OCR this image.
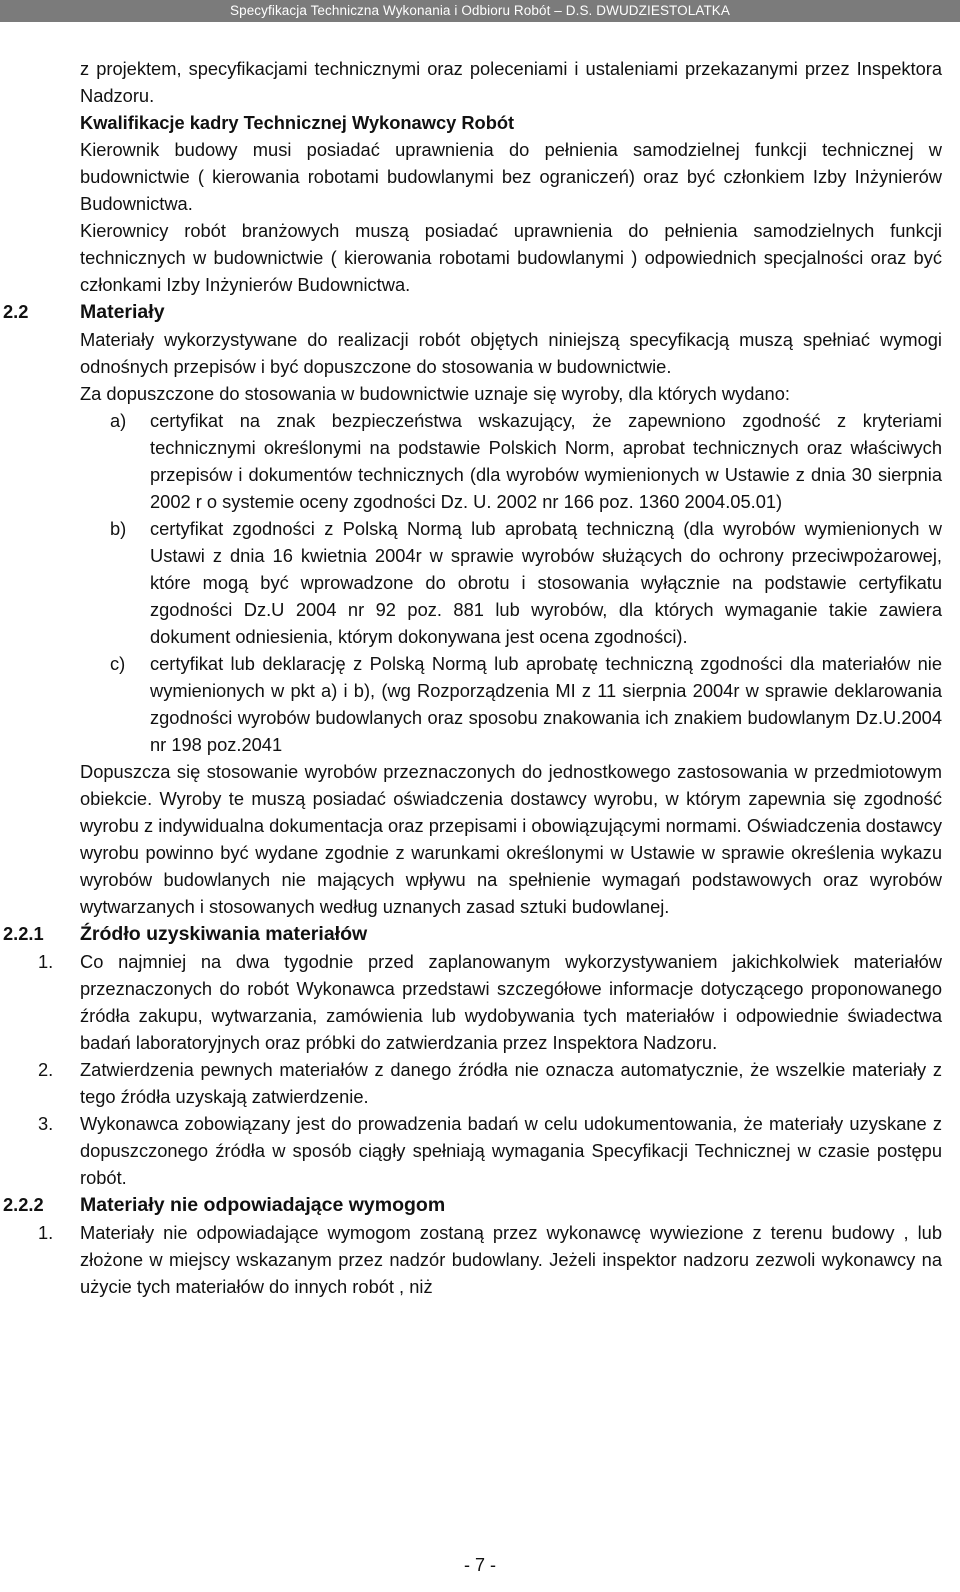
Specyfikacja Techniczna Wykonania i Odbioru Robót – D.S. DWUDZIESTOLATKA

z projektem, specyfikacjami technicznymi oraz poleceniami i ustaleniami przekazanymi przez Inspektora Nadzoru.

Kwalifikacje kadry Technicznej Wykonawcy Robót

Kierownik budowy musi posiadać uprawnienia do pełnienia samodzielnej funkcji technicznej w budownictwie ( kierowania robotami budowlanymi bez ograniczeń) oraz być członkiem Izby Inżynierów Budownictwa.

Kierownicy robót branżowych muszą posiadać uprawnienia do pełnienia samodzielnych funkcji technicznych w budownictwie ( kierowania robotami budowlanymi ) odpowiednich specjalności oraz być członkami Izby Inżynierów Budownictwa.

2.2	Materiały

Materiały wykorzystywane do realizacji robót objętych niniejszą specyfikacją muszą spełniać wymogi odnośnych przepisów i być dopuszczone do stosowania w budownictwie.

Za dopuszczone do stosowania w budownictwie uznaje się wyroby, dla których wydano:

a)	certyfikat na znak bezpieczeństwa wskazujący, że zapewniono zgodność z kryteriami technicznymi określonymi na podstawie Polskich Norm, aprobat technicznych oraz właściwych przepisów i dokumentów technicznych (dla wyrobów wymienionych w Ustawie z dnia 30 sierpnia 2002 r o systemie oceny zgodności Dz. U. 2002 nr 166 poz. 1360 2004.05.01)
b)	certyfikat zgodności z Polską Normą lub aprobatą techniczną (dla wyrobów wymienionych w Ustawi z dnia 16 kwietnia 2004r w sprawie wyrobów służących do ochrony przeciwpożarowej, które mogą być wprowadzone do obrotu i stosowania wyłącznie na podstawie certyfikatu zgodności Dz.U 2004 nr 92 poz. 881 lub wyrobów, dla których wymaganie takie zawiera dokument odniesienia, którym dokonywana jest ocena zgodności).
c)	certyfikat lub deklarację z Polską Normą lub aprobatę techniczną zgodności dla materiałów nie wymienionych w pkt a) i b), (wg Rozporządzenia MI z 11 sierpnia 2004r w sprawie deklarowania zgodności wyrobów budowlanych oraz sposobu znakowania ich znakiem budowlanym Dz.U.2004 nr 198 poz.2041

Dopuszcza się stosowanie wyrobów przeznaczonych do jednostkowego zastosowania w przedmiotowym obiekcie. Wyroby te muszą posiadać oświadczenia dostawcy wyrobu, w którym zapewnia się zgodność wyrobu z indywidualna dokumentacja oraz przepisami i obowiązującymi normami. Oświadczenia dostawcy wyrobu powinno być wydane zgodnie z warunkami określonymi w Ustawie w sprawie określenia wykazu wyrobów budowlanych nie mających wpływu na spełnienie wymagań podstawowych oraz wyrobów wytwarzanych i stosowanych według uznanych zasad sztuki budowlanej.

2.2.1	Źródło uzyskiwania materiałów
1.	Co najmniej na dwa tygodnie przed zaplanowanym wykorzystywaniem jakichkolwiek materiałów przeznaczonych do robót Wykonawca przedstawi szczegółowe informacje dotyczącego proponowanego źródła zakupu, wytwarzania, zamówienia lub wydobywania tych materiałów i odpowiednie świadectwa badań laboratoryjnych oraz próbki do zatwierdzania przez Inspektora Nadzoru.
2.	Zatwierdzenia pewnych materiałów z danego źródła nie oznacza automatycznie, że wszelkie materiały z tego źródła uzyskają zatwierdzenie.
3.	Wykonawca zobowiązany jest do prowadzenia badań w celu udokumentowania, że materiały uzyskane z dopuszczonego źródła w sposób ciągły spełniają wymagania Specyfikacji Technicznej w czasie postępu robót.
2.2.2	Materiały nie odpowiadające wymogom
1.	Materiały nie odpowiadające wymogom zostaną przez wykonawcę wywiezione z terenu budowy , lub złożone w miejscy wskazanym przez nadzór budowlany. Jeżeli inspektor nadzoru zezwoli wykonawcy na użycie tych materiałów do innych robót , niż
- 7 -
